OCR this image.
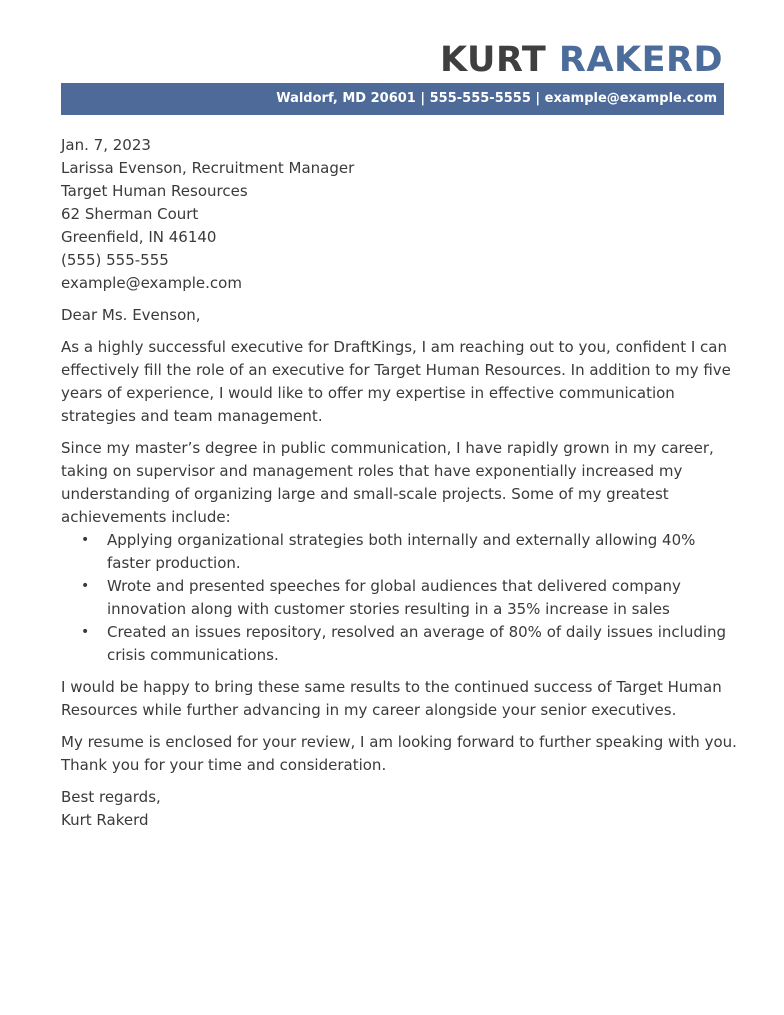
KURT RAKERD
Waldorf, MD 20601 | 555-555-5555 | example@example.com
Jan. 7, 2023
Larissa Evenson, Recruitment Manager
Target Human Resources
62 Sherman Court
Greenfield, IN 46140
(555) 555-555
example@example.com
Dear Ms. Evenson,
As a highly successful executive for DraftKings, I am reaching out to you, confident I can
effectively fill the role of an executive for Target Human Resources. In addition to my five
years of experience, I would like to offer my expertise in effective communication
strategies and team management.
Since my master’s degree in public communication, I have rapidly grown in my career,
taking on supervisor and management roles that have exponentially increased my
understanding of organizing large and small-scale projects. Some of my greatest
achievements include:
• Applying organizational strategies both internally and externally allowing 40%
faster production.
• Wrote and presented speeches for global audiences that delivered company
innovation along with customer stories resulting in a 35% increase in sales
• Created an issues repository, resolved an average of 80% of daily issues including
crisis communications.
I would be happy to bring these same results to the continued success of Target Human
Resources while further advancing in my career alongside your senior executives.
My resume is enclosed for your review, I am looking forward to further speaking with you.
Thank you for your time and consideration.
Best regards,
Kurt Rakerd
